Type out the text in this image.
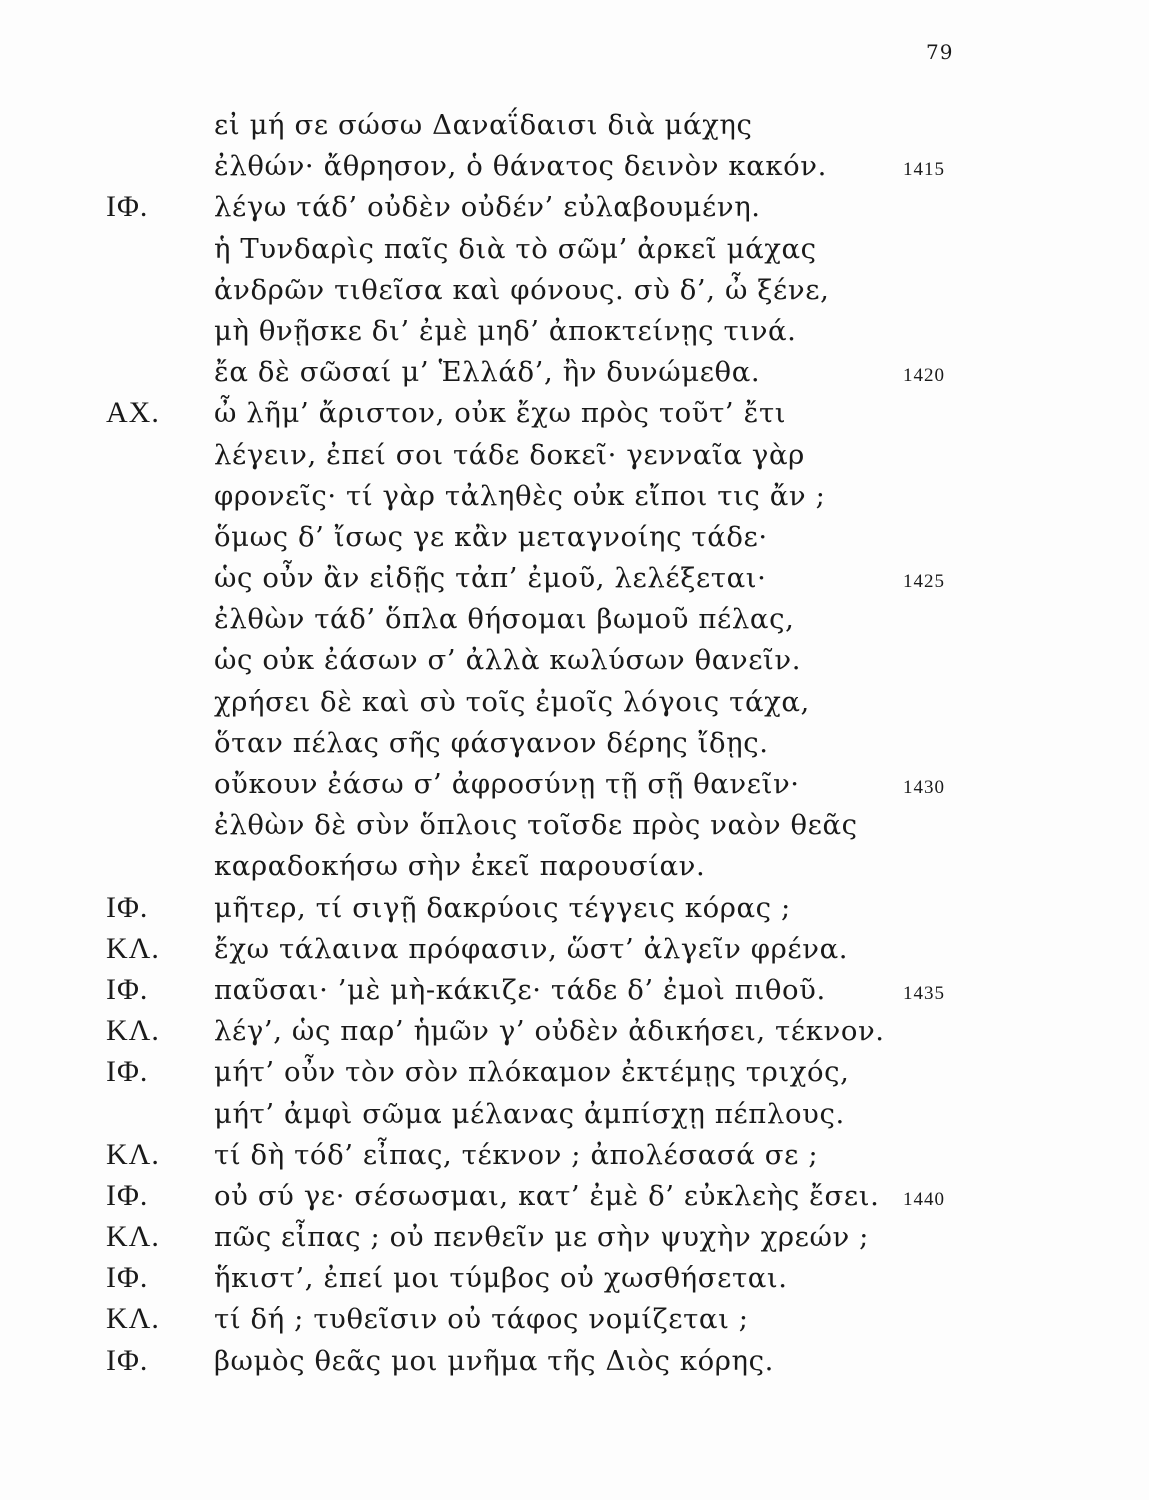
79
εἰ μή σε σώσω Δαναΐδαισι διὰ μάχης
ἐλθών· ἄθρησον, ὁ θάνατος δεινὸν κακόν.	1415
ΙΦ. λέγω τάδ’ οὐδὲν οὐδέν’ εὐλαβουμένη.
ἡ Τυνδαρὶς παῖς διὰ τὸ σῶμ’ ἀρκεῖ μάχας
ἀνδρῶν τιθεῖσα καὶ φόνους. σὺ δ’, ὦ ξένε,
μὴ θνῇσκε δι’ ἐμὲ μηδ’ ἀποκτείνῃς τινά.
ἔα δὲ σῶσαί μ’ Ἑλλάδ’, ἢν δυνώμεθα.	1420
ΑΧ. ὦ λῆμ’ ἄριστον, οὐκ ἔχω πρὸς τοῦτ’ ἔτι
λέγειν, ἐπεί σοι τάδε δοκεῖ· γενναῖα γὰρ
φρονεῖς· τί γὰρ τἀληθὲς οὐκ εἴποι τις ἄν ;
ὅμως δ’ ἴσως γε κἂν μεταγνοίης τάδε·
ὡς οὖν ἂν εἰδῇς τἀπ’ ἐμοῦ, λελέξεται·	1425
ἐλθὼν τάδ’ ὅπλα θήσομαι βωμοῦ πέλας,
ὡς οὐκ ἐάσων σ’ ἀλλὰ κωλύσων θανεῖν.
χρήσει δὲ καὶ σὺ τοῖς ἐμοῖς λόγοις τάχα,
ὅταν πέλας σῆς φάσγανον δέρης ἴδῃς.
οὔκουν ἐάσω σ’ ἀφροσύνῃ τῇ σῇ θανεῖν·	1430
ἐλθὼν δὲ σὺν ὅπλοις τοῖσδε πρὸς ναὸν θεᾶς
καραδοκήσω σὴν ἐκεῖ παρουσίαν.
ΙΦ. μῆτερ, τί σιγῇ δακρύοις τέγγεις κόρας ;
ΚΛ. ἔχω τάλαινα πρόφασιν, ὥστ’ ἀλγεῖν φρένα.
ΙΦ. παῦσαι· ’μὲ μὴ-κάκιζε· τάδε δ’ ἐμοὶ πιθοῦ.	1435
ΚΛ. λέγ’, ὡς παρ’ ἡμῶν γ’ οὐδὲν ἀδικήσει, τέκνον.
ΙΦ. μήτ’ οὖν τὸν σὸν πλόκαμον ἐκτέμῃς τριχός,
μήτ’ ἀμφὶ σῶμα μέλανας ἀμπίσχῃ πέπλους.
ΚΛ. τί δὴ τόδ’ εἶπας, τέκνον ; ἀπολέσασά σε ;
ΙΦ. οὐ σύ γε· σέσωσμαι, κατ’ ἐμὲ δ’ εὐκλεὴς ἔσει. 1440
ΚΛ. πῶς εἶπας ; οὐ πενθεῖν με σὴν ψυχὴν χρεών ;
ΙΦ. ἥκιστ’, ἐπεί μοι τύμβος οὐ χωσθήσεται.
ΚΛ. τί δή ; τυθεῖσιν οὐ τάφος νομίζεται ;
ΙΦ. βωμὸς θεᾶς μοι μνῆμα τῆς Διὸς κόρης.
